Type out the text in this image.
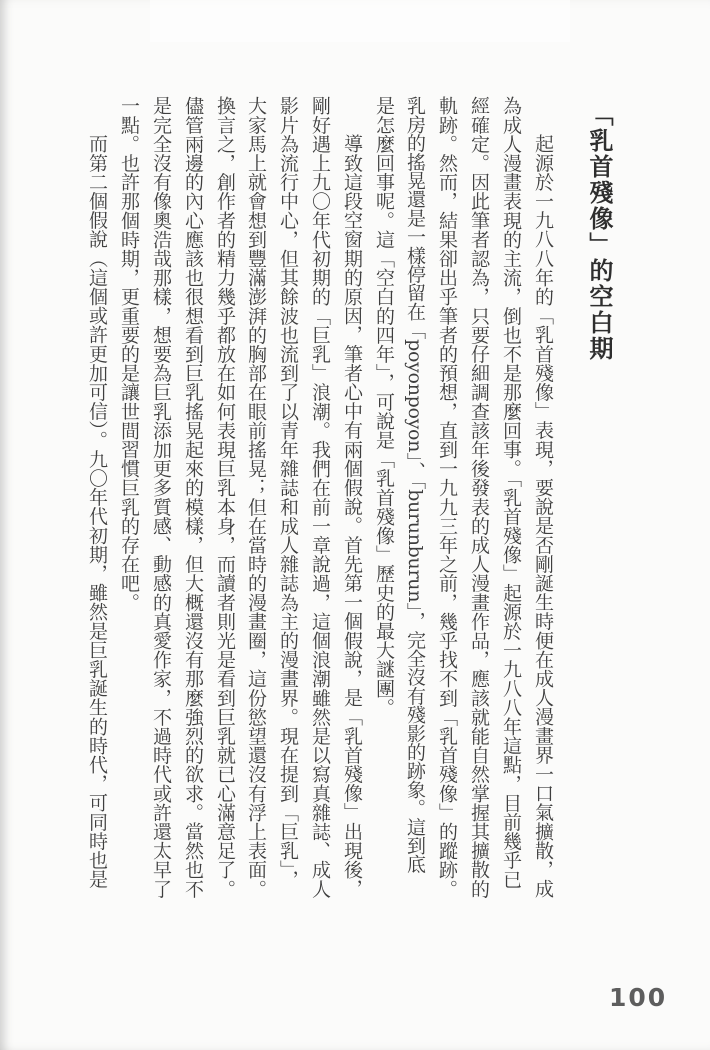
「乳首殘像」的空白期
起源於一九八八年的「乳首殘像」表現，要說是否剛誕生時便在成人漫畫界一口氣擴散，成
為成人漫畫表現的主流，倒也不是那麼回事。「乳首殘像」起源於一九八八年這點，目前幾乎已
經確定。因此筆者認為，只要仔細調查該年後發表的成人漫畫作品，應該就能自然掌握其擴散的
軌跡。然而，結果卻出乎筆者的預想，直到一九九三年之前，幾乎找不到「乳首殘像」的蹤跡。
乳房的搖晃還是一樣停留在「poyonpoyon」、「burunburun」，完全沒有殘影的跡象。這到底
是怎麼回事呢。這「空白的四年」，可說是「乳首殘像」歷史的最大謎團。
導致這段空窗期的原因，筆者心中有兩個假說。首先第一個假說，是「乳首殘像」出現後，
剛好遇上九〇年代初期的「巨乳」浪潮。我們在前一章說過，這個浪潮雖然是以寫真雜誌、成人
影片為流行中心，但其餘波也流到了以青年雜誌和成人雜誌為主的漫畫界。現在提到「巨乳」，
大家馬上就會想到豐滿澎湃的胸部在眼前搖晃；但在當時的漫畫圈，這份慾望還沒有浮上表面。
換言之，創作者的精力幾乎都放在如何表現巨乳本身，而讀者則光是看到巨乳就已心滿意足了。
儘管兩邊的內心應該也很想看到巨乳搖晃起來的模樣，但大概還沒有那麼強烈的欲求。當然也不
是完全沒有像奧浩哉那樣，想要為巨乳添加更多質感、動感的真愛作家，不過時代或許還太早了
一點。也許那個時期，更重要的是讓世間習慣巨乳的存在吧。
而第二個假說（這個或許更加可信）。九〇年代初期，雖然是巨乳誕生的時代，可同時也是
100
